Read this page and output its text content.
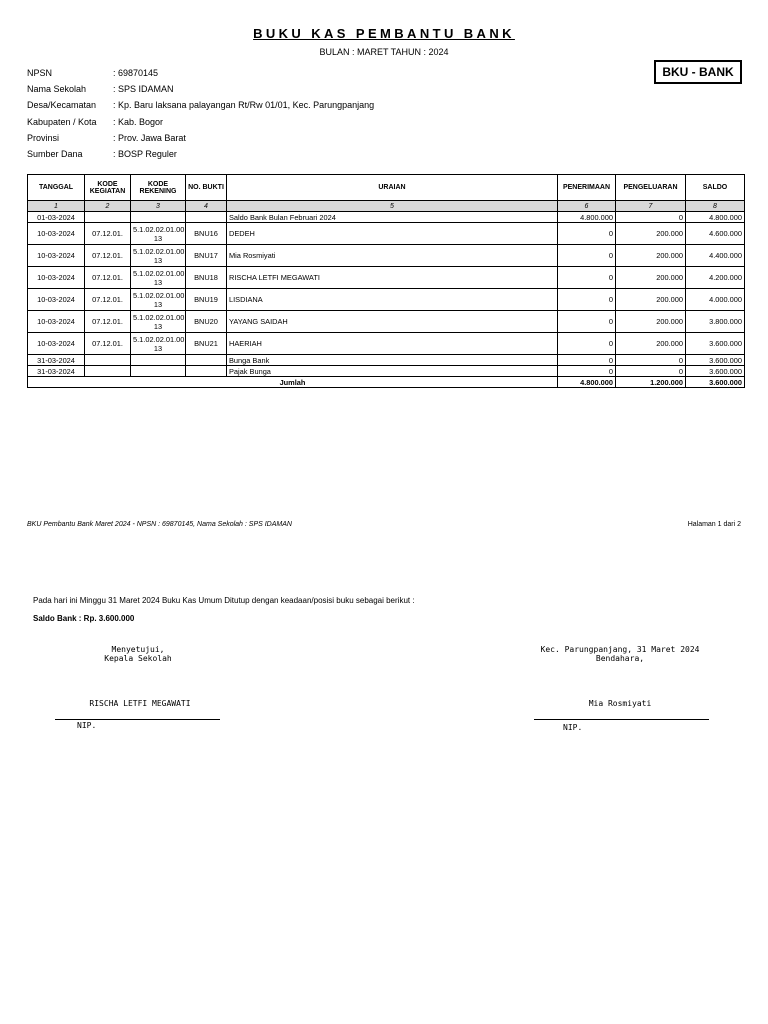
BUKU KAS PEMBANTU BANK
BULAN : MARET TAHUN : 2024
BKU - BANK
NPSN	: 69870145
Nama Sekolah	: SPS IDAMAN
Desa/Kecamatan	: Kp. Baru laksana palayangan Rt/Rw 01/01, Kec. Parungpanjang
Kabupaten / Kota	: Kab. Bogor
Provinsi	: Prov. Jawa Barat
Sumber Dana	: BOSP Reguler
TANGGAL	KODE KEGIATAN	KODE REKENING	NO. BUKTI	URAIAN	PENERIMAAN	PENGELUARAN	SALDO
1	2	3	4	5	6	7	8
01-03-2024				Saldo Bank Bulan Februari 2024	4.800.000	0	4.800.000
10-03-2024	07.12.01.	5.1.02.02.01.00 13	BNU16	DEDEH	0	200.000	4.600.000
10-03-2024	07.12.01.	5.1.02.02.01.00 13	BNU17	Mia Rosmiyati	0	200.000	4.400.000
10-03-2024	07.12.01.	5.1.02.02.01.00 13	BNU18	RISCHA LETFI MEGAWATI	0	200.000	4.200.000
10-03-2024	07.12.01.	5.1.02.02.01.00 13	BNU19	LISDIANA	0	200.000	4.000.000
10-03-2024	07.12.01.	5.1.02.02.01.00 13	BNU20	YAYANG SAIDAH	0	200.000	3.800.000
10-03-2024	07.12.01.	5.1.02.02.01.00 13	BNU21	HAERIAH	0	200.000	3.600.000
31-03-2024				Bunga Bank	0	0	3.600.000
31-03-2024				Pajak Bunga	0	0	3.600.000
Jumlah					4.800.000	1.200.000	3.600.000
BKU Pembantu Bank Maret 2024 - NPSN : 69870145, Nama Sekolah : SPS IDAMAN	Halaman 1 dari 2
Pada hari ini Minggu 31 Maret 2024 Buku Kas Umum Ditutup dengan keadaan/posisi buku sebagai berikut :
Saldo Bank : Rp. 3.600.000
Menyetujui,
Kepala Sekolah
RISCHA LETFI MEGAWATI
NIP.
Kec. Parungpanjang, 31 Maret 2024
Bendahara,
Mia Rosmiyati
NIP.
